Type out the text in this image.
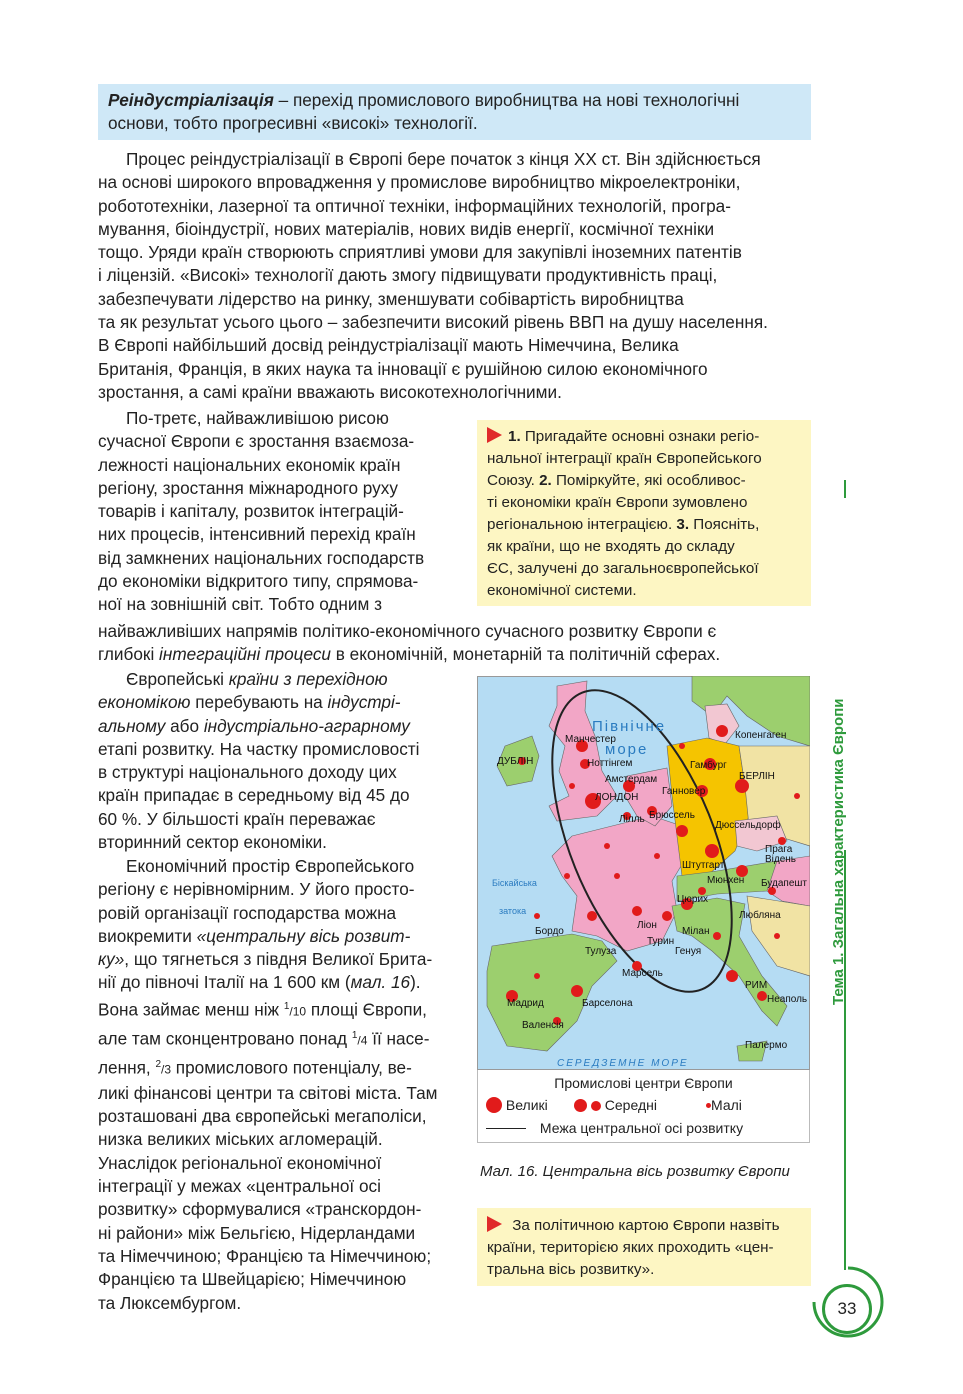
Реіндустріалізація – перехід промислового виробництва на нові технологічні
основи, тобто прогресивні «високі» технології.
Процес реіндустріалізації в Європі бере початок з кінця XX ст. Він здійснюється
на основі широкого впровадження у промислове виробництво мікроелектроніки,
робототехніки, лазерної та оптичної техніки, інформаційних технологій, програ-
мування, біоіндустрії, нових матеріалів, нових видів енергії, космічної техніки
тощо. Уряди країн створюють сприятливі умови для закупівлі іноземних патентів
і ліцензій. «Високі» технології дають змогу підвищувати продуктивність праці,
забезпечувати лідерство на ринку, зменшувати собівартість виробництва
та як результат усього цього – забезпечити високий рівень ВВП на душу населення.
В Європі найбільший досвід реіндустріалізації мають Німеччина, Велика
Британія, Франція, в яких наука та інновації є рушійною силою економічного
зростання, а самі країни вважають високотехнологічними.
По-третє, найважливішою рисою
сучасної Європи є зростання взаємоза-
лежності національних економік країн
регіону, зростання міжнародного руху
товарів і капіталу, розвиток інтеграцій-
них процесів, інтенсивний перехід країн
від замкнених національних господарств
до економіки відкритого типу, спрямова-
ної на зовнішній світ. Тобто одним з
найважливіших напрямів політико-економічного сучасного розвитку Європи є
глибокі інтеграційні процеси в економічній, монетарній та політичній сферах.
1. Пригадайте основні ознаки регіо-
нальної інтеграції країн Європейського
Союзу. 2. Поміркуйте, які особливос-
ті економіки країн Європи зумовлено
регіональною інтеграцією. 3. Поясніть,
як країни, що не входять до складу
ЄС, залучені до загальноєвропейської
економічної системи.
Європейські країни з перехідною
економікою перебувають на індустрі-
альному або індустріально-аграрному
етапі розвитку. На частку промисловості
в структурі національного доходу цих
країн припадає в середньому від 45 до
60 %. У більшості країн переважає
вторинний сектор економіки.
Економічний простір Європейського
регіону є нерівномірним. У його просто-
ровій організації господарства можна
виокремити «центральну вісь розвит-
ку», що тягнеться з півдня Великої Брита-
нії до півночі Італії на 1 600 км (мал. 16).
Вона займає менш ніж $^1$/10 площі Європи,
але там сконцентровано понад $^1$/4 її насе-
лення, $^2$/3 промислового потенціалу, ве-
ликі фінансові центри та світові міста. Там
розташовані два європейські мегаполіси,
низка великих міських агломерацій.
Унаслідок регіональної економічної
інтеграції у межах «центральної осі
розвитку» сформувалися «транскордон-
ні райони» між Бельгією, Нідерландами
та Німеччиною; Францією та Німеччиною;
Францією та Швейцарією; Німеччиною
та Люксембургом.
Північне
море
Біскайська
затока
СЕРЕДЗЕМНЕ МОРЕ
Манчестер
ДУБЛІН	Ноттінгем
Амстердам
ЛОНДОН
Ганновер
Гамбург
Копенгаген
БЕРЛІН
Лілль Брюссель
Дюссельдорф
Прага
Відень
Штутгарт
Мюнхен Будапешт
Цюрих
Любляна
Ліон
Турин
Мілан
Генуя
Бордо
Тулуза
Марсель
Мадрид	Барселона
Валенсія
РИМ
Неаполь
Палермо
Промислові центри Європи
Великі	Середні	Малі
Межа центральної осі розвитку
Мал. 16. Центральна вісь розвитку Європи
За політичною картою Європи назвіть
країни, територією яких проходить «цен-
тральна вісь розвитку».
Тема 1. Загальна характеристика Європи
33
